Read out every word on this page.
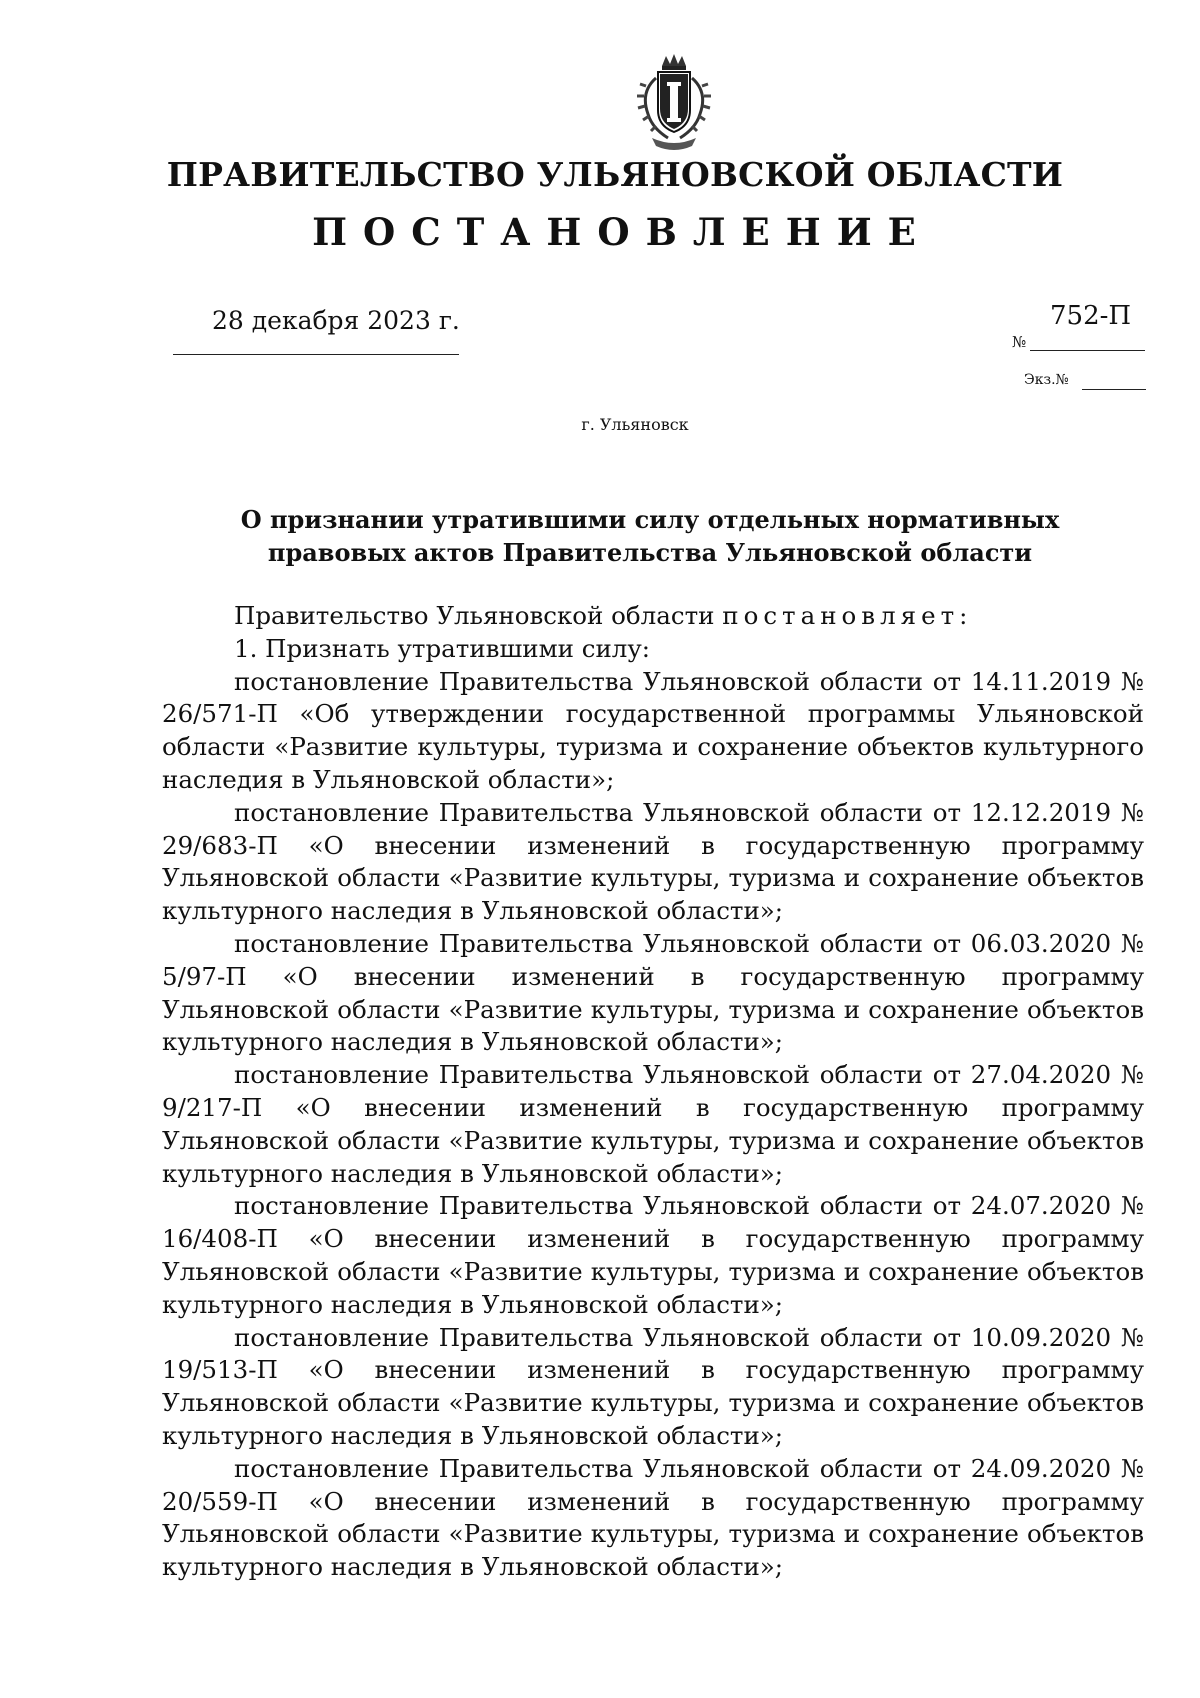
ПРАВИТЕЛЬСТВО УЛЬЯНОВСКОЙ ОБЛАСТИ
ПОСТАНОВЛЕНИЕ
28 декабря 2023 г.	752-П
№
Экз.№
г. Ульяновск
О признании утратившими силу отдельных нормативных
правовых актов Правительства Ульяновской области

Правительство Ульяновской области постановляет:

1. Признать утратившими силу:

постановление Правительства Ульяновской области от 14.11.2019 № 26/571-П «Об утверждении государственной программы Ульяновской области «Развитие культуры, туризма и сохранение объектов культурного наследия в Ульяновской области»;

постановление Правительства Ульяновской области от 12.12.2019 № 29/683-П «О внесении изменений в государственную программу Ульяновской области «Развитие культуры, туризма и сохранение объектов культурного наследия в Ульяновской области»;

постановление Правительства Ульяновской области от 06.03.2020 № 5/97-П «О внесении изменений в государственную программу Ульяновской области «Развитие культуры, туризма и сохранение объектов культурного наследия в Ульяновской области»;

постановление Правительства Ульяновской области от 27.04.2020 № 9/217-П «О внесении изменений в государственную программу Ульяновской области «Развитие культуры, туризма и сохранение объектов культурного наследия в Ульяновской области»;

постановление Правительства Ульяновской области от 24.07.2020 № 16/408-П «О внесении изменений в государственную программу Ульяновской области «Развитие культуры, туризма и сохранение объектов культурного наследия в Ульяновской области»;

постановление Правительства Ульяновской области от 10.09.2020 № 19/513-П «О внесении изменений в государственную программу Ульяновской области «Развитие культуры, туризма и сохранение объектов культурного наследия в Ульяновской области»;

постановление Правительства Ульяновской области от 24.09.2020 № 20/559-П «О внесении изменений в государственную программу Ульяновской области «Развитие культуры, туризма и сохранение объектов культурного наследия в Ульяновской области»;
